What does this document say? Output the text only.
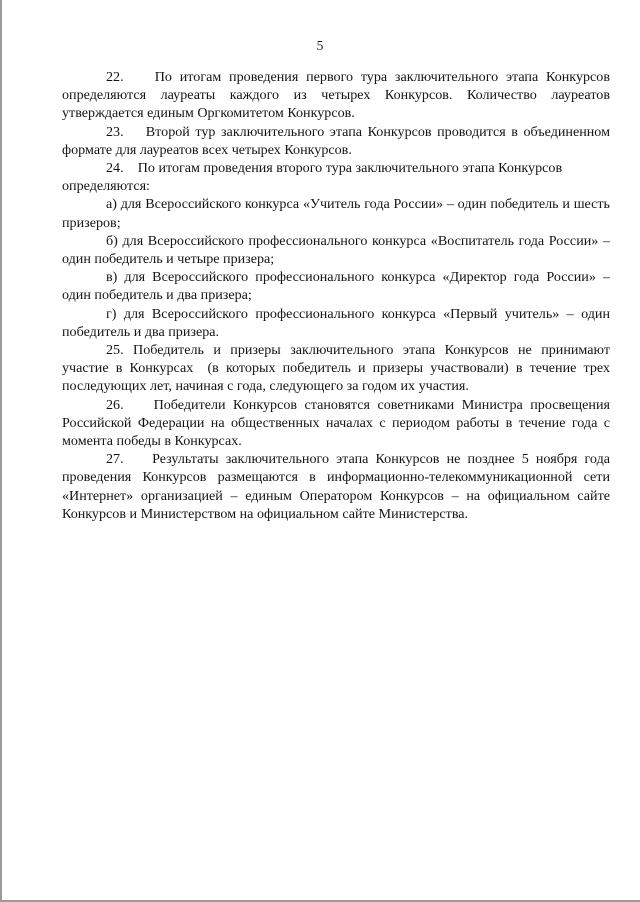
5

22.    По итогам проведения первого тура заключительного этапа Конкурсов определяются лауреаты каждого из четырех Конкурсов. Количество лауреатов утверждается единым Оргкомитетом Конкурсов.

23.    Второй тур заключительного этапа Конкурсов проводится в объединенном формате для лауреатов всех четырех Конкурсов.

24.    По итогам проведения второго тура заключительного этапа Конкурсов определяются:

а) для Всероссийского конкурса «Учитель года России» – один победитель и шесть призеров;

б) для Всероссийского профессионального конкурса «Воспитатель года России» – один победитель и четыре призера;

в) для Всероссийского профессионального конкурса «Директор года России» – один победитель и два призера;

г) для Всероссийского профессионального конкурса «Первый учитель» – один победитель и два призера.

25. Победитель и призеры заключительного этапа Конкурсов не принимают участие в Конкурсах  (в которых победитель и призеры участвовали) в течение трех последующих лет, начиная с года, следующего за годом их участия.

26.    Победители Конкурсов становятся советниками Министра просвещения Российской Федерации на общественных началах с периодом работы в течение года с момента победы в Конкурсах.

27.    Результаты заключительного этапа Конкурсов не позднее 5 ноября года проведения Конкурсов размещаются в информационно-телекоммуникационной сети «Интернет» организацией – единым Оператором Конкурсов – на официальном сайте Конкурсов и Министерством на официальном сайте Министерства.
